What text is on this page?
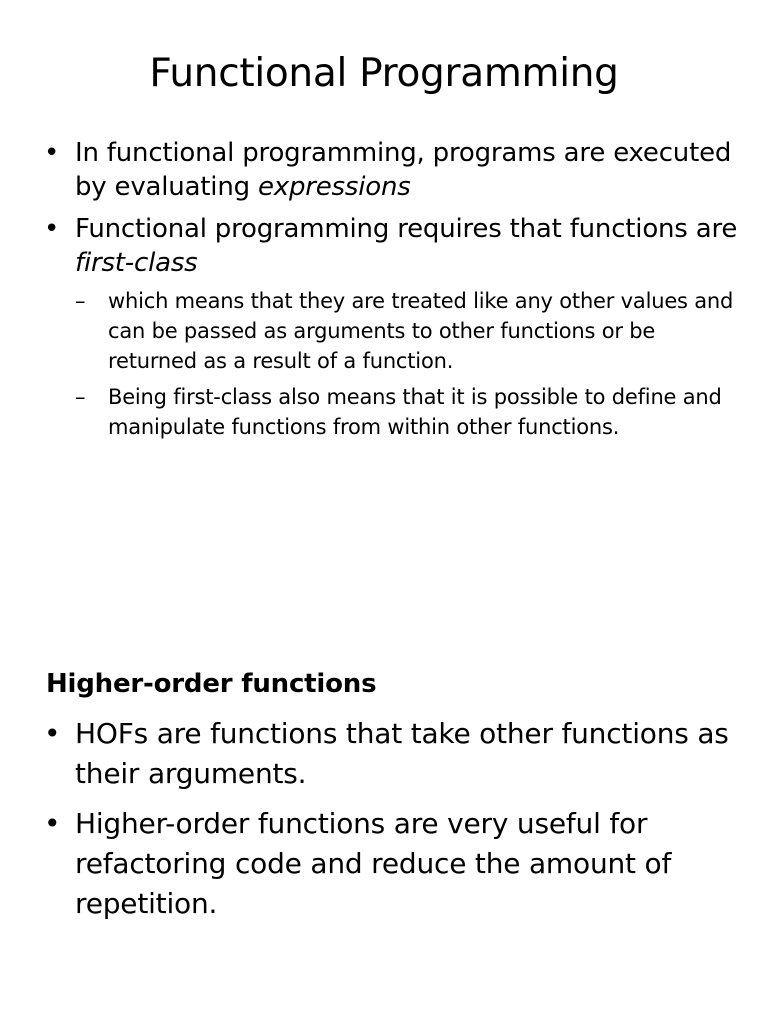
Functional Programming
• In functional programming, programs are executed by evaluating expressions
• Functional programming requires that functions are first-class
– which means that they are treated like any other values and can be passed as arguments to other functions or be returned as a result of a function.
– Being first-class also means that it is possible to define and manipulate functions from within other functions.
Higher-order functions
• HOFs are functions that take other functions as their arguments.
• Higher-order functions are very useful for refactoring code and reduce the amount of repetition.
